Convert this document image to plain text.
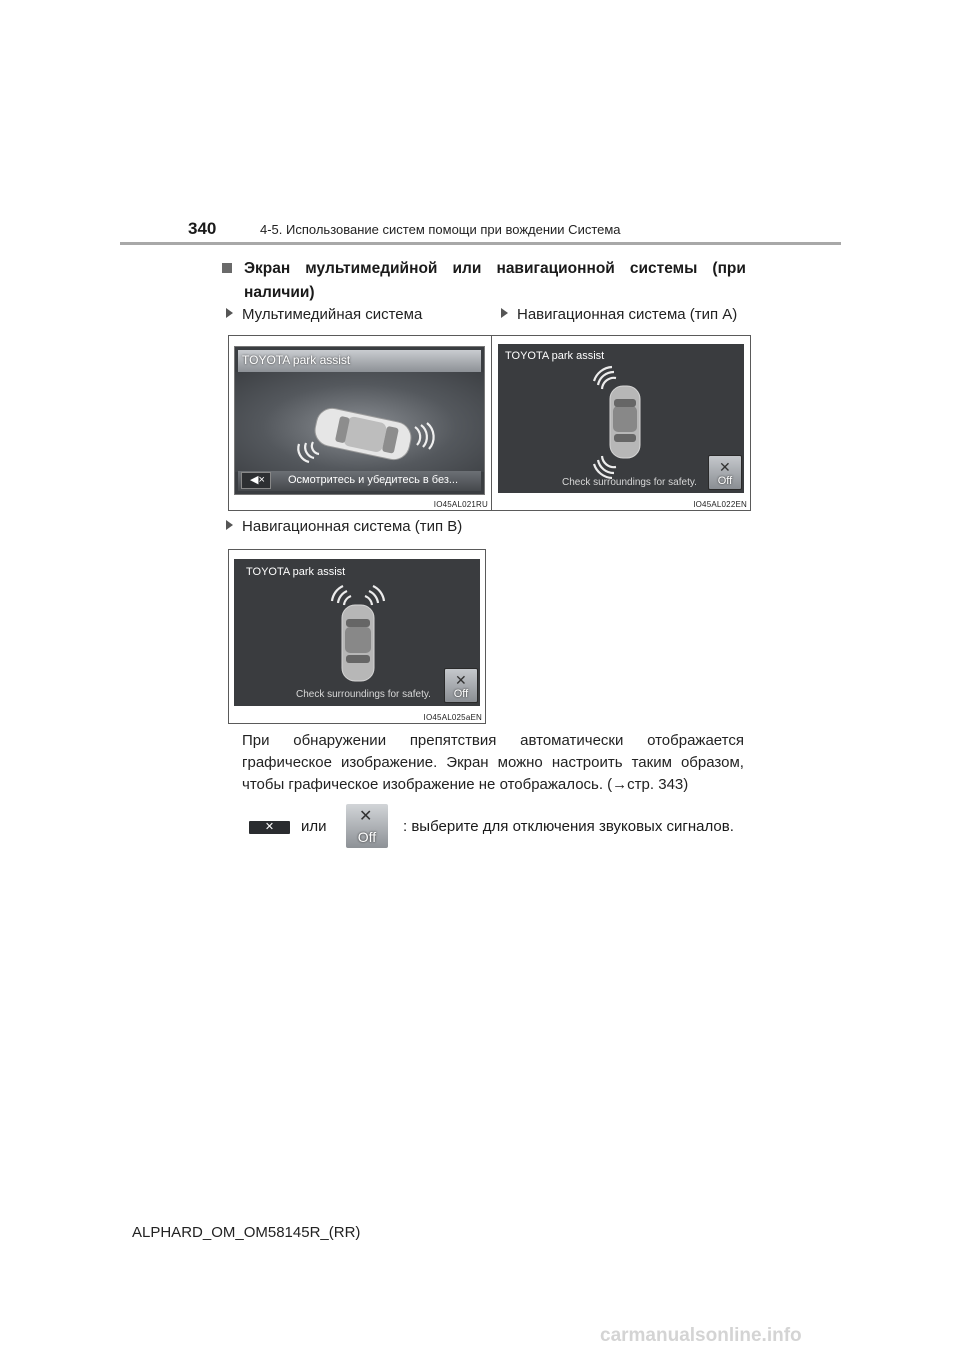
340	4-5. Использование систем помощи при вождении Система
Экран мультимедийной или навигационной системы (при
наличии)
Мультимедийная система	Навигационная система (тип A)
TOYOTA park assist
◀× Осмотритесь и убедитесь в без...
IO45AL021RU
TOYOTA park assist
Check surroundings for safety.
✕
Off
IO45AL022EN
Навигационная система (тип B)
TOYOTA park assist
Check surroundings for safety.
✕
Off
IO45AL025aEN
При обнаружении препятствия автоматически отображается
графическое изображение. Экран можно настроить таким образом,
чтобы графическое изображение не отображалось. (→стр. 343)
✕	или
✕
Off
: выберите для отключения звуковых сигналов.
ALPHARD_OM_OM58145R_(RR)
carmanualsonline.info
